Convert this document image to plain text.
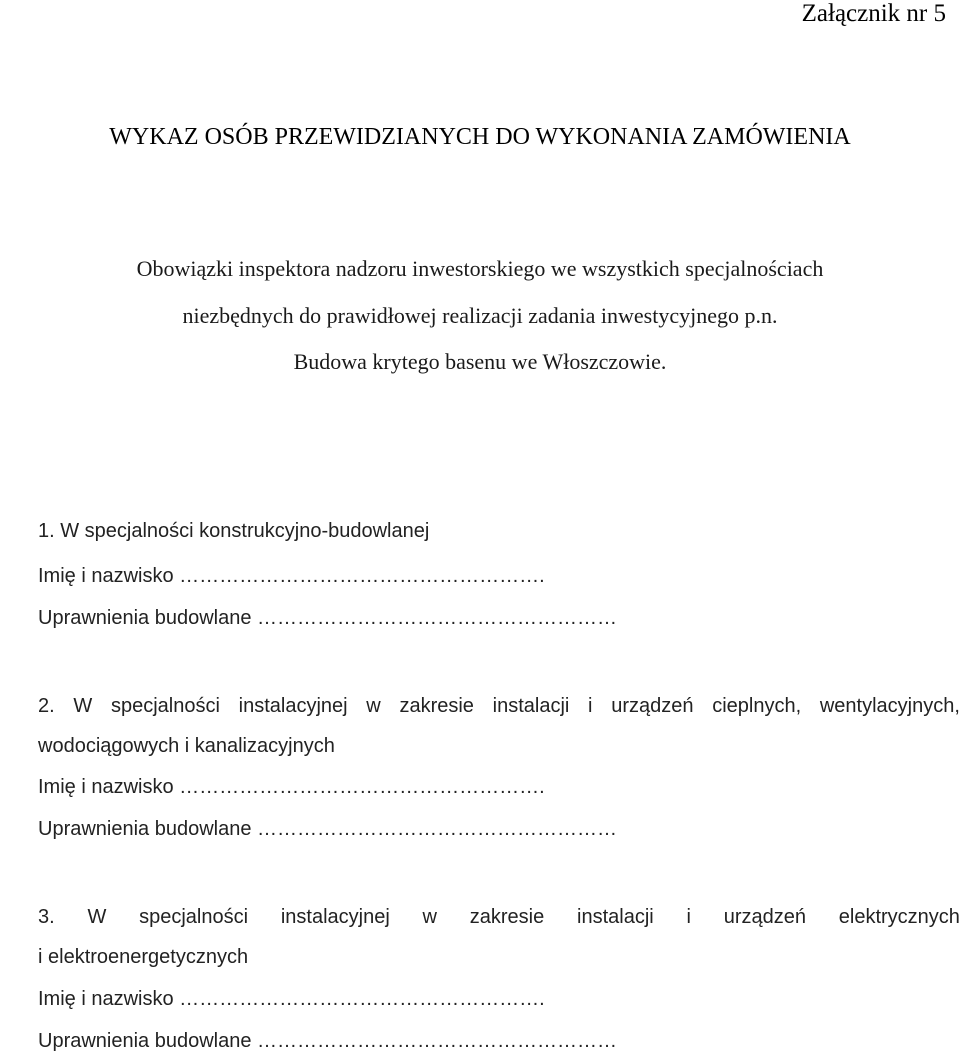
Załącznik nr 5
WYKAZ OSÓB PRZEWIDZIANYCH DO WYKONANIA ZAMÓWIENIA
Obowiązki inspektora nadzoru inwestorskiego we wszystkich specjalnościach
niezbędnych do prawidłowej realizacji zadania inwestycyjnego p.n.
Budowa krytego basenu we Włoszczowie.
1. W specjalności konstrukcyjno-budowlanej
Imię i nazwisko ……………………………………………….
Uprawnienia budowlane ………………………………………………
2. W specjalności instalacyjnej w zakresie instalacji i urządzeń cieplnych, wentylacyjnych,
wodociągowych i kanalizacyjnych
Imię i nazwisko ……………………………………………….
Uprawnienia budowlane ………………………………………………
3. W specjalności instalacyjnej w zakresie instalacji i urządzeń elektrycznych
i elektroenergetycznych
Imię i nazwisko ……………………………………………….
Uprawnienia budowlane ………………………………………………
